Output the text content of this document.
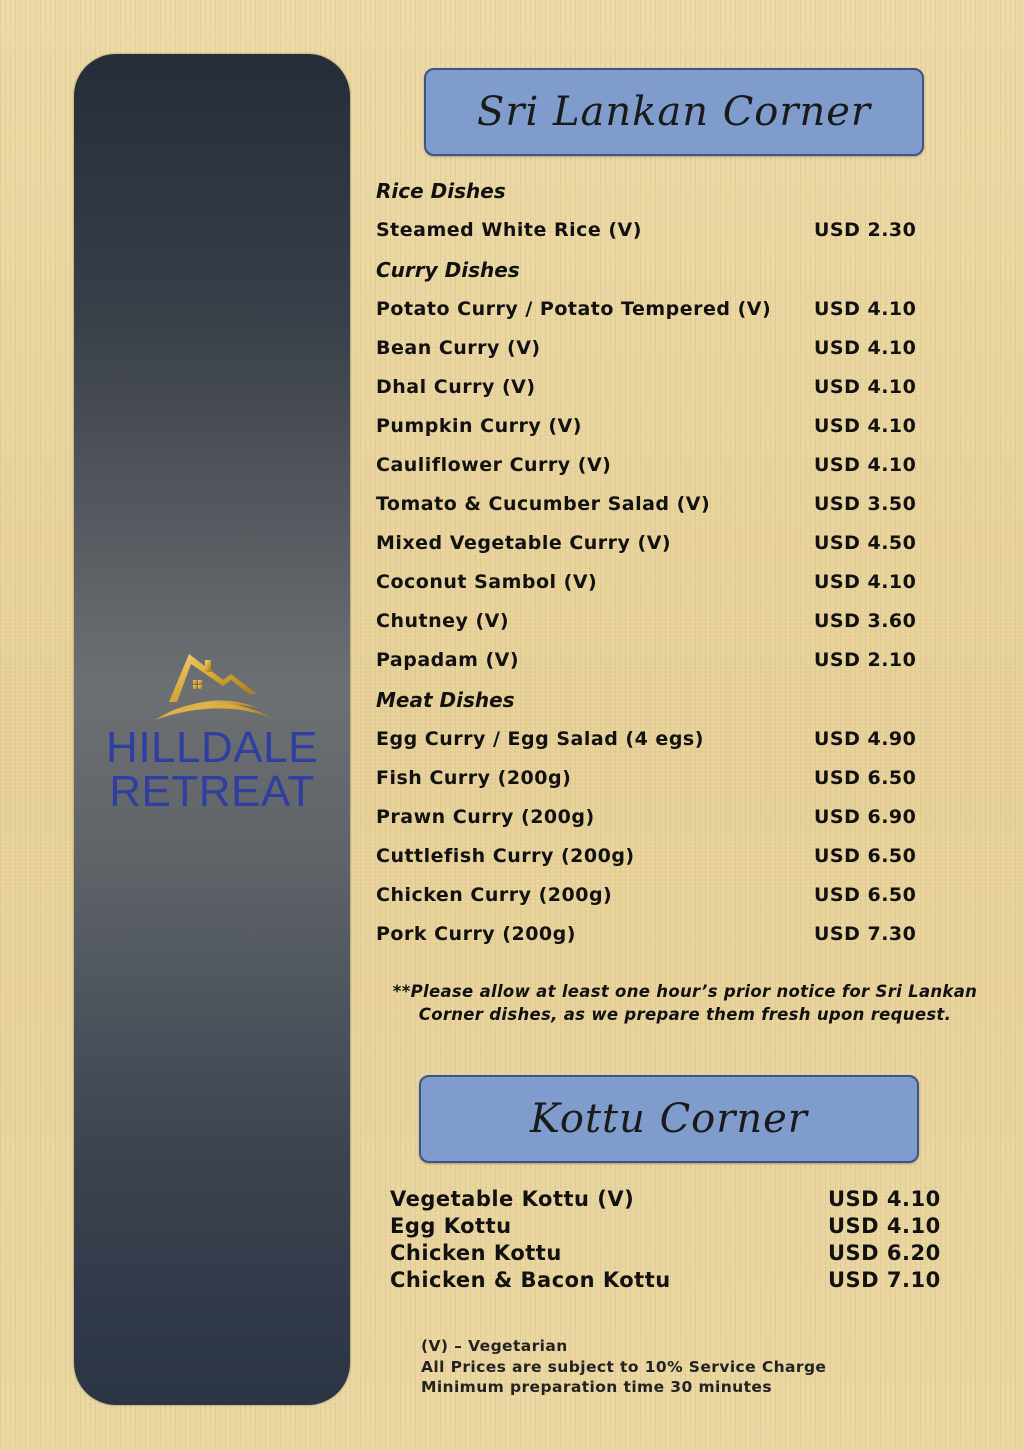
HILLDALE
RETREAT
Sri Lankan Corner
Rice Dishes
Steamed White Rice (V)	USD 2.30
Curry Dishes
Potato Curry / Potato Tempered (V) USD 4.10
Bean Curry (V)	USD 4.10
Dhal Curry (V)	USD 4.10
Pumpkin Curry (V)	USD 4.10
Cauliflower Curry (V)	USD 4.10
Tomato & Cucumber Salad (V)	USD 3.50
Mixed Vegetable Curry (V)	USD 4.50
Coconut Sambol (V)	USD 4.10
Chutney (V)	USD 3.60
Papadam (V)	USD 2.10
Meat Dishes
Egg Curry / Egg Salad (4 egs)	USD 4.90
Fish Curry (200g)	USD 6.50
Prawn Curry (200g)	USD 6.90
Cuttlefish Curry (200g)	USD 6.50
Chicken Curry (200g)	USD 6.50
Pork Curry (200g)	USD 7.30
**Please allow at least one hour’s prior notice for Sri Lankan
Corner dishes, as we prepare them fresh upon request.
Kottu Corner
Vegetable Kottu (V)	USD 4.10
Egg Kottu	USD 4.10
Chicken Kottu	USD 6.20
Chicken & Bacon Kottu	USD 7.10
(V) – Vegetarian
All Prices are subject to 10% Service Charge
Minimum preparation time 30 minutes
